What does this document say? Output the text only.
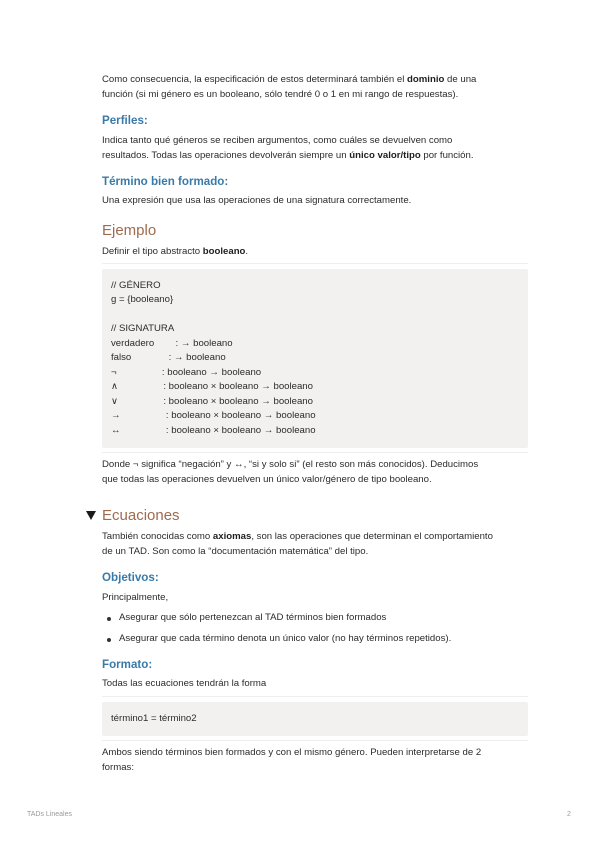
Como consecuencia, la especificación de estos determinará también el dominio de una

función (si mi género es un booleano, sólo tendré 0 o 1 en mi rango de respuestas).

Perfiles:

Indica tanto qué géneros se reciben argumentos, como cuáles se devuelven como

resultados. Todas las operaciones devolverán siempre un único valor/tipo por función.

Término bien formado:

Una expresión que usa las operaciones de una signatura correctamente.

Ejemplo

Definir el tipo abstracto booleano.

// GÉNERO
g = {booleano}
// SIGNATURA
verdadero        : → booleano
falso              : → booleano
¬                 : booleano → booleano
∧                 : booleano × booleano → booleano
∨                 : booleano × booleano → booleano
→                 : booleano × booleano → booleano
↔                 : booleano × booleano → booleano

Donde ¬ significa “negación” y ↔, “si y solo si” (el resto son más conocidos). Deducimos

que todas las operaciones devuelven un único valor/género de tipo booleano.

Ecuaciones

También conocidas como axiomas, son las operaciones que determinan el comportamiento

de un TAD. Son como la “documentación matemática” del tipo.

Objetivos:

Principalmente,

Asegurar que sólo pertenezcan al TAD términos bien formados
Asegurar que cada término denota un único valor (no hay términos repetidos).
Formato:

Todas las ecuaciones tendrán la forma

término1 = término2

Ambos siendo términos bien formados y con el mismo género. Pueden interpretarse de 2

formas:

TADs Lineales	2
